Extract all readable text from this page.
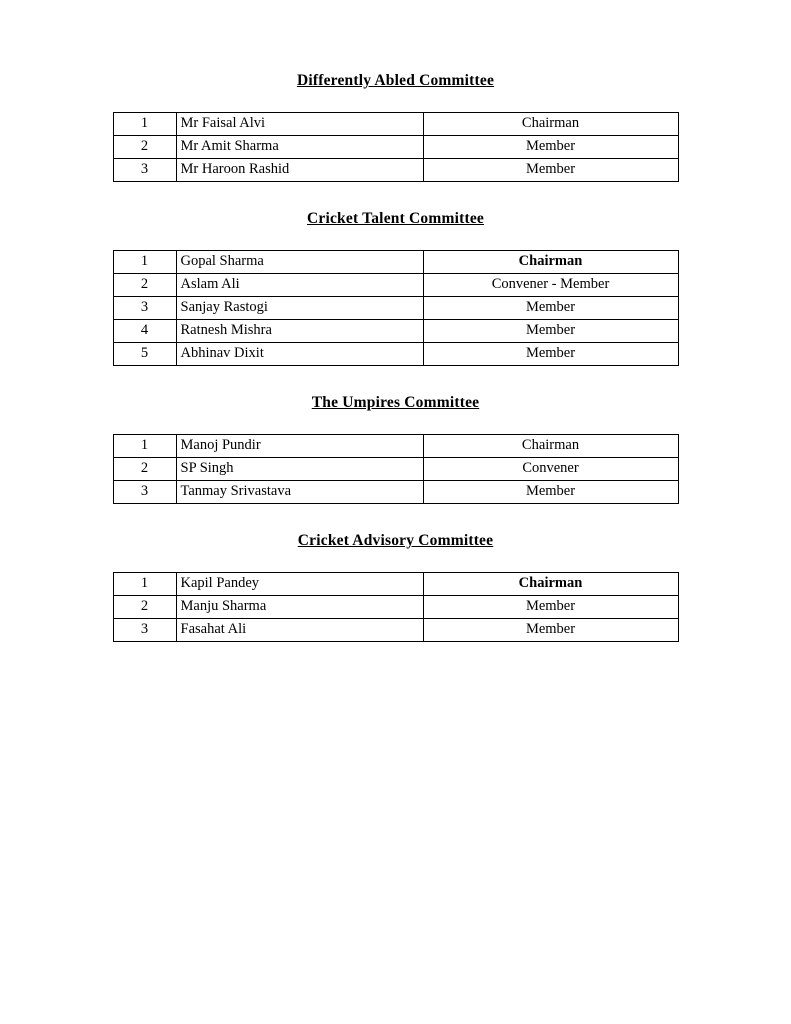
Differently Abled Committee
1	Mr Faisal Alvi	Chairman
2	Mr Amit Sharma	Member
3	Mr Haroon Rashid	Member
Cricket Talent Committee
1	Gopal Sharma	Chairman
2	Aslam Ali	Convener - Member
3	Sanjay Rastogi	Member
4	Ratnesh Mishra	Member
5	Abhinav Dixit	Member
The Umpires Committee
1	Manoj Pundir	Chairman
2	SP Singh	Convener
3	Tanmay Srivastava	Member
Cricket Advisory Committee
1	Kapil Pandey	Chairman
2	Manju Sharma	Member
3	Fasahat Ali	Member
